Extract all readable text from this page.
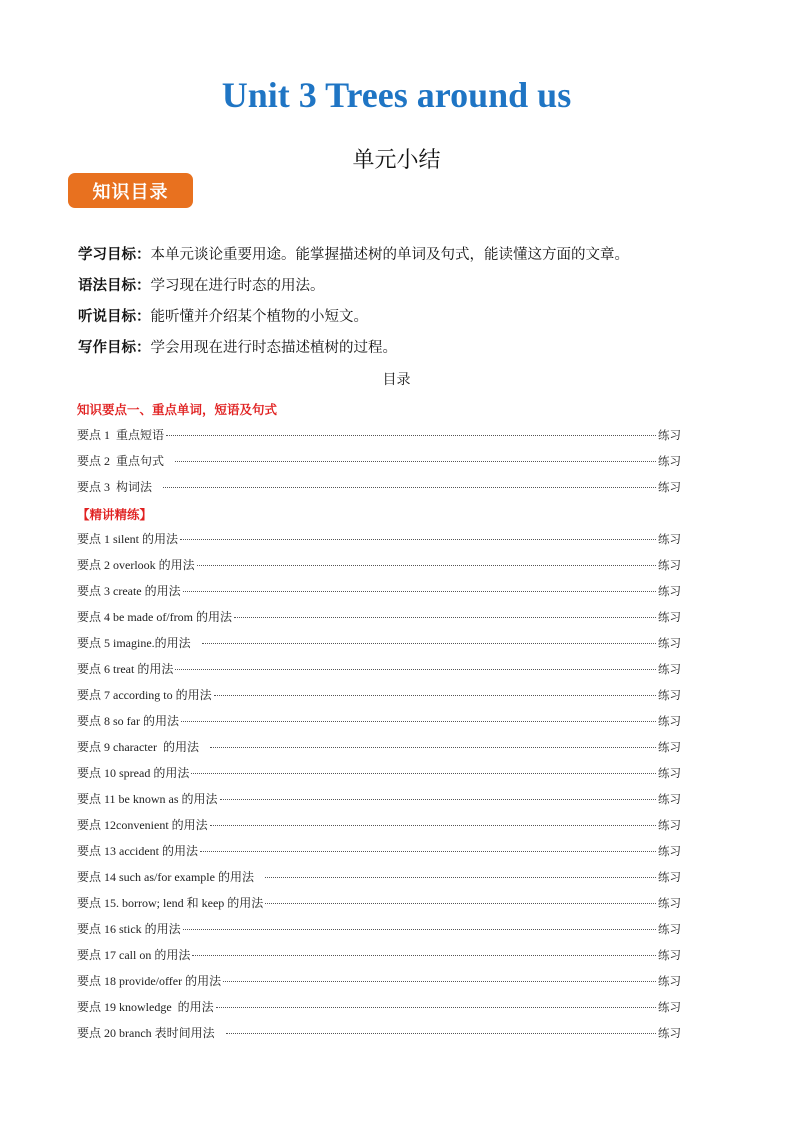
Unit 3 Trees around us
单元小结
知识目录
学习目标：本单元谈论重要用途。能掌握描述树的单词及句式，能读懂这方面的文章。
语法目标：学习现在进行时态的用法。
听说目标：能听懂并介绍某个植物的小短文。
写作目标：学会用现在进行时态描述植树的过程。
目录
知识要点一、重点单词，短语及句式
要点 1  重点短语	练习
要点 2  重点句式	练习
要点 3  构词法	练习
【精讲精练】
要点 1 silent 的用法	练习
要点 2 overlook 的用法	练习
要点 3 create 的用法	练习
要点 4 be made of/from 的用法	练习
要点 5 imagine.的用法	练习
要点 6 treat 的用法	练习
要点 7 according to 的用法	练习
要点 8 so far 的用法	练习
要点 9 character  的用法	练习
要点 10 spread 的用法	练习
要点 11 be known as 的用法	练习
要点 12convenient 的用法	练习
要点 13 accident 的用法	练习
要点 14 such as/for example 的用法	练习
要点 15. borrow; lend 和 keep 的用法	练习
要点 16 stick 的用法	练习
要点 17 call on 的用法	练习
要点 18 provide/offer 的用法	练习
要点 19 knowledge  的用法	练习
要点 20 branch 表时间用法	练习
